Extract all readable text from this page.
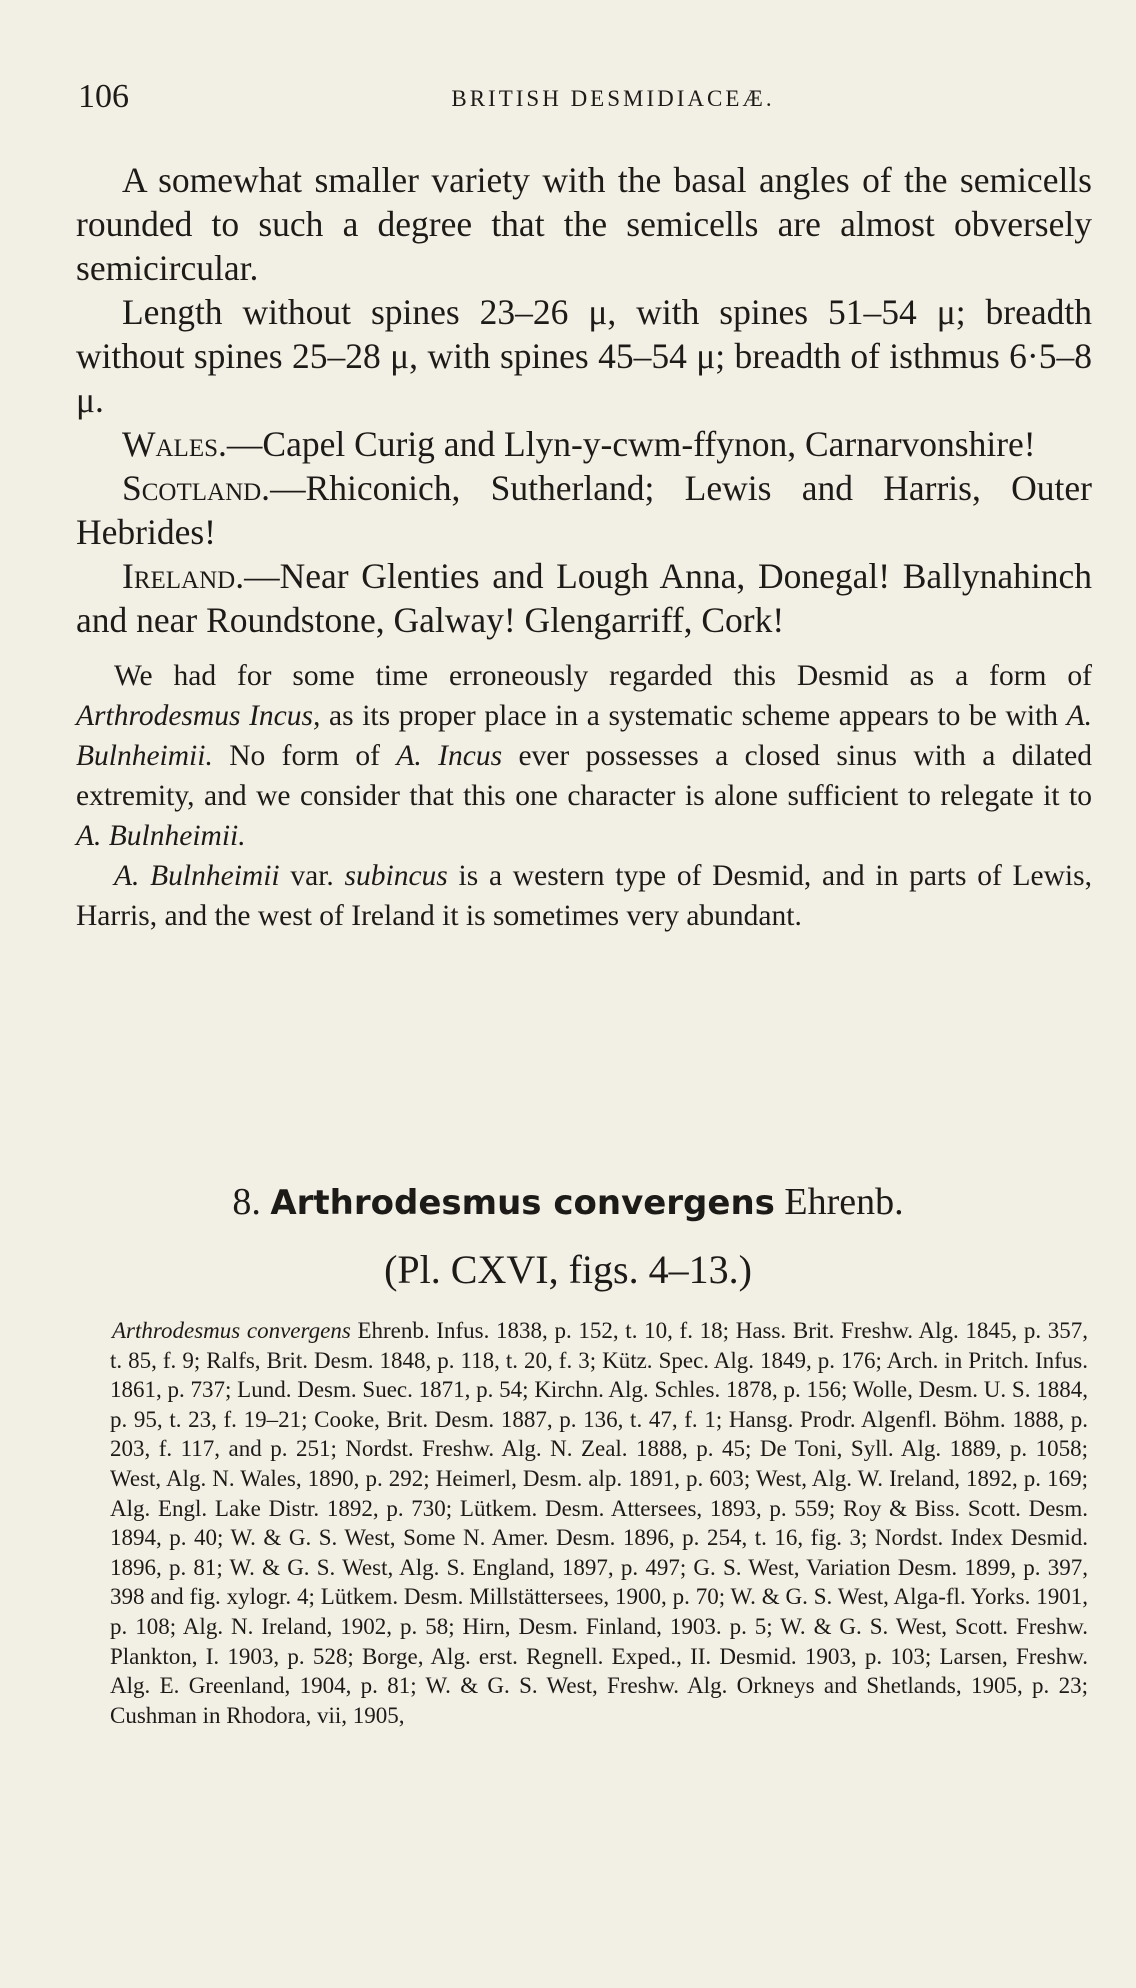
106	BRITISH DESMIDIACEÆ.

A somewhat smaller variety with the basal angles of the semicells rounded to such a degree that the semicells are almost obversely semicircular.

Length without spines 23–26 μ, with spines 51–54 μ; breadth without spines 25–28 μ, with spines 45–54 μ; breadth of isthmus 6·5–8 μ.

Wales.—Capel Curig and Llyn-y-cwm-ffynon, Carnarvonshire!

Scotland.—Rhiconich, Sutherland; Lewis and Harris, Outer Hebrides!

Ireland.—Near Glenties and Lough Anna, Donegal! Ballynahinch and near Roundstone, Galway! Glengarriff, Cork!

We had for some time erroneously regarded this Desmid as a form of Arthrodesmus Incus, as its proper place in a systematic scheme appears to be with A. Bulnheimii. No form of A. Incus ever possesses a closed sinus with a dilated extremity, and we consider that this one character is alone sufficient to relegate it to A. Bulnheimii.

A. Bulnheimii var. subincus is a western type of Desmid, and in parts of Lewis, Harris, and the west of Ireland it is sometimes very abundant.

8. Arthrodesmus convergens Ehrenb.
(Pl. CXVI, figs. 4–13.)
Arthrodesmus convergens Ehrenb. Infus. 1838, p. 152, t. 10, f. 18; Hass. Brit. Freshw. Alg. 1845, p. 357, t. 85, f. 9; Ralfs, Brit. Desm. 1848, p. 118, t. 20, f. 3; Kütz. Spec. Alg. 1849, p. 176; Arch. in Pritch. Infus. 1861, p. 737; Lund. Desm. Suec. 1871, p. 54; Kirchn. Alg. Schles. 1878, p. 156; Wolle, Desm. U. S. 1884, p. 95, t. 23, f. 19–21; Cooke, Brit. Desm. 1887, p. 136, t. 47, f. 1; Hansg. Prodr. Algenfl. Böhm. 1888, p. 203, f. 117, and p. 251; Nordst. Freshw. Alg. N. Zeal. 1888, p. 45; De Toni, Syll. Alg. 1889, p. 1058; West, Alg. N. Wales, 1890, p. 292; Heimerl, Desm. alp. 1891, p. 603; West, Alg. W. Ireland, 1892, p. 169; Alg. Engl. Lake Distr. 1892, p. 730; Lütkem. Desm. Attersees, 1893, p. 559; Roy & Biss. Scott. Desm. 1894, p. 40; W. & G. S. West, Some N. Amer. Desm. 1896, p. 254, t. 16, fig. 3; Nordst. Index Desmid. 1896, p. 81; W. & G. S. West, Alg. S. England, 1897, p. 497; G. S. West, Variation Desm. 1899, p. 397, 398 and fig. xylogr. 4; Lütkem. Desm. Millstättersees, 1900, p. 70; W. & G. S. West, Alga-fl. Yorks. 1901, p. 108; Alg. N. Ireland, 1902, p. 58; Hirn, Desm. Finland, 1903. p. 5; W. & G. S. West, Scott. Freshw. Plankton, I. 1903, p. 528; Borge, Alg. erst. Regnell. Exped., II. Desmid. 1903, p. 103; Larsen, Freshw. Alg. E. Greenland, 1904, p. 81; W. & G. S. West, Freshw. Alg. Orkneys and Shetlands, 1905, p. 23; Cushman in Rhodora, vii, 1905,
